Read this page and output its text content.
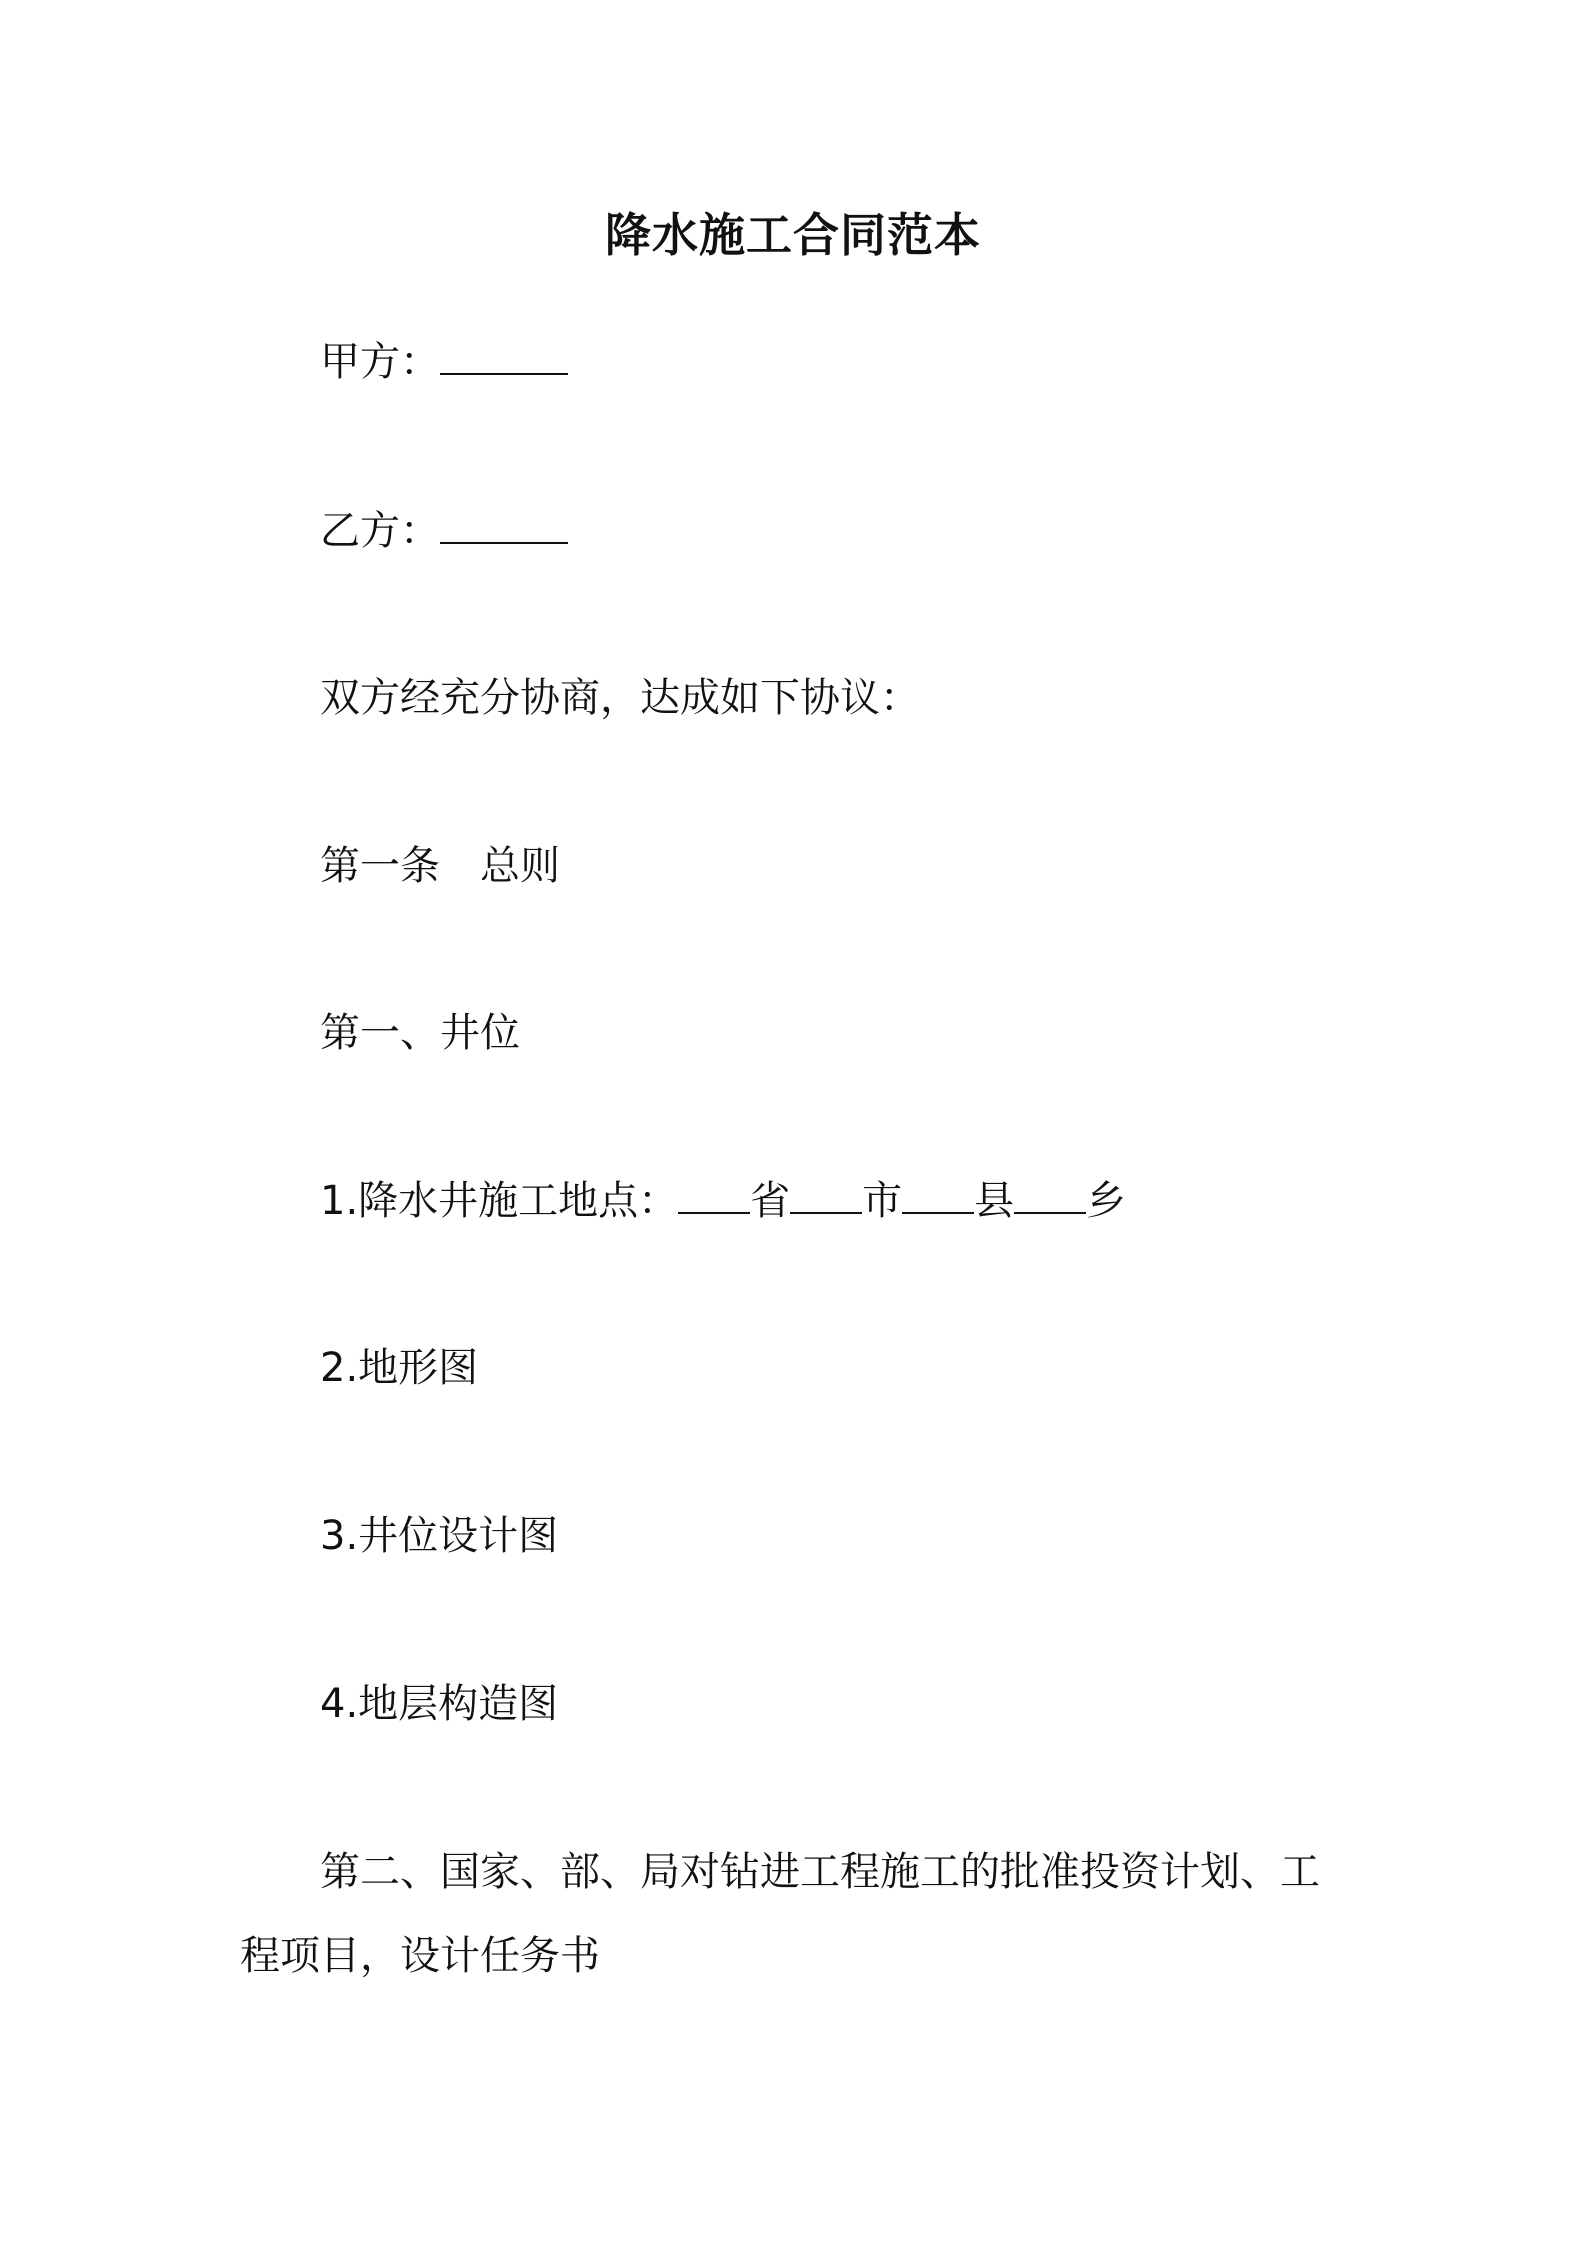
降水施工合同范本
甲方：
乙方：
双方经充分协商，达成如下协议：
第一条　总则
第一、井位
1.降水井施工地点： 省 市 县 乡
2.地形图
3.井位设计图
4.地层构造图
第二、国家、部、局对钻进工程施工的批准投资计划、工程项目，设计任务书
